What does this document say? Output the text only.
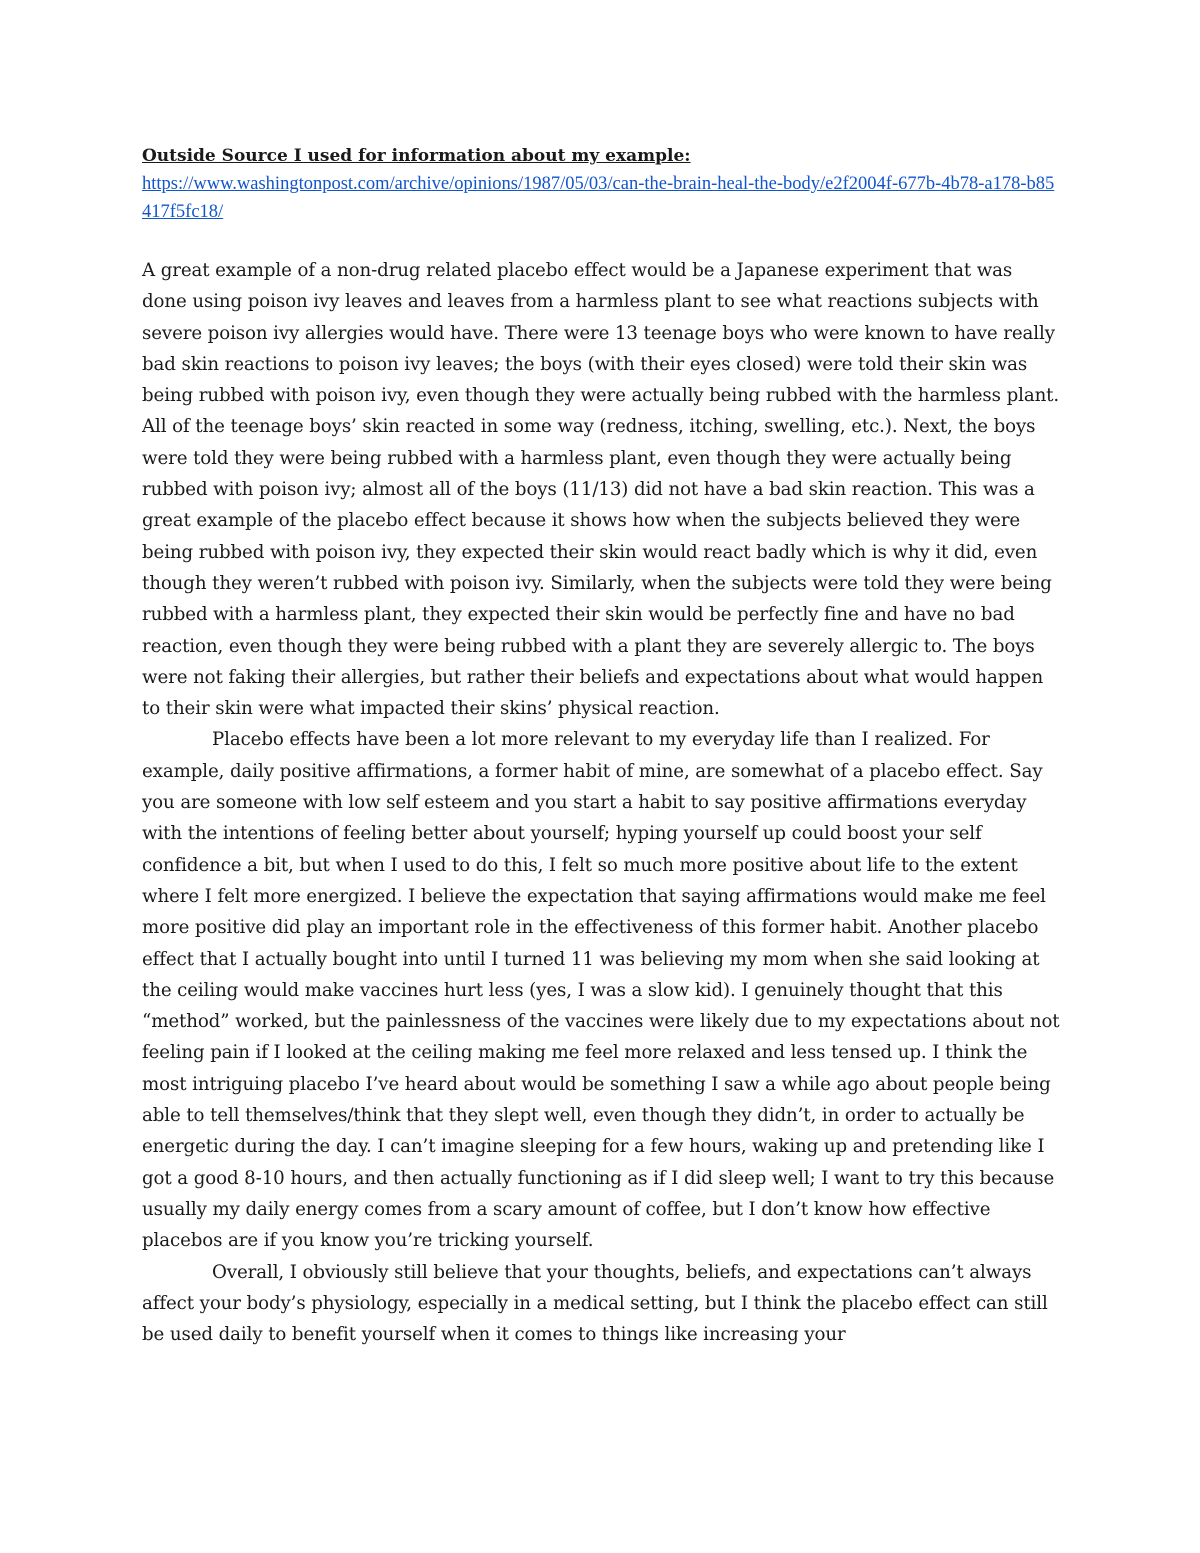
Outside Source I used for information about my example:

https://www.washingtonpost.com/archive/opinions/1987/05/03/can-the-brain-heal-the-body/e2f2004f-677b-4b78-a178-b85417f5fc18/

A great example of a non-drug related placebo effect would be a Japanese experiment that was done using poison ivy leaves and leaves from a harmless plant to see what reactions subjects with severe poison ivy allergies would have. There were 13 teenage boys who were known to have really bad skin reactions to poison ivy leaves; the boys (with their eyes closed) were told their skin was being rubbed with poison ivy, even though they were actually being rubbed with the harmless plant. All of the teenage boys’ skin reacted in some way (redness, itching, swelling, etc.). Next, the boys were told they were being rubbed with a harmless plant, even though they were actually being rubbed with poison ivy; almost all of the boys (11/13) did not have a bad skin reaction. This was a great example of the placebo effect because it shows how when the subjects believed they were being rubbed with poison ivy, they expected their skin would react badly which is why it did, even though they weren’t rubbed with poison ivy. Similarly, when the subjects were told they were being rubbed with a harmless plant, they expected their skin would be perfectly fine and have no bad reaction, even though they were being rubbed with a plant they are severely allergic to. The boys were not faking their allergies, but rather their beliefs and expectations about what would happen to their skin were what impacted their skins’ physical reaction.

Placebo effects have been a lot more relevant to my everyday life than I realized. For example, daily positive affirmations, a former habit of mine, are somewhat of a placebo effect. Say you are someone with low self esteem and you start a habit to say positive affirmations everyday with the intentions of feeling better about yourself; hyping yourself up could boost your self confidence a bit, but when I used to do this, I felt so much more positive about life to the extent where I felt more energized. I believe the expectation that saying affirmations would make me feel more positive did play an important role in the effectiveness of this former habit. Another placebo effect that I actually bought into until I turned 11 was believing my mom when she said looking at the ceiling would make vaccines hurt less (yes, I was a slow kid). I genuinely thought that this “method” worked, but the painlessness of the vaccines were likely due to my expectations about not feeling pain if I looked at the ceiling making me feel more relaxed and less tensed up. I think the most intriguing placebo I’ve heard about would be something I saw a while ago about people being able to tell themselves/think that they slept well, even though they didn’t, in order to actually be energetic during the day. I can’t imagine sleeping for a few hours, waking up and pretending like I got a good 8-10 hours, and then actually functioning as if I did sleep well; I want to try this because usually my daily energy comes from a scary amount of coffee, but I don’t know how effective placebos are if you know you’re tricking yourself.

Overall, I obviously still believe that your thoughts, beliefs, and expectations can’t always affect your body’s physiology, especially in a medical setting, but I think the placebo effect can still be used daily to benefit yourself when it comes to things like increasing your
